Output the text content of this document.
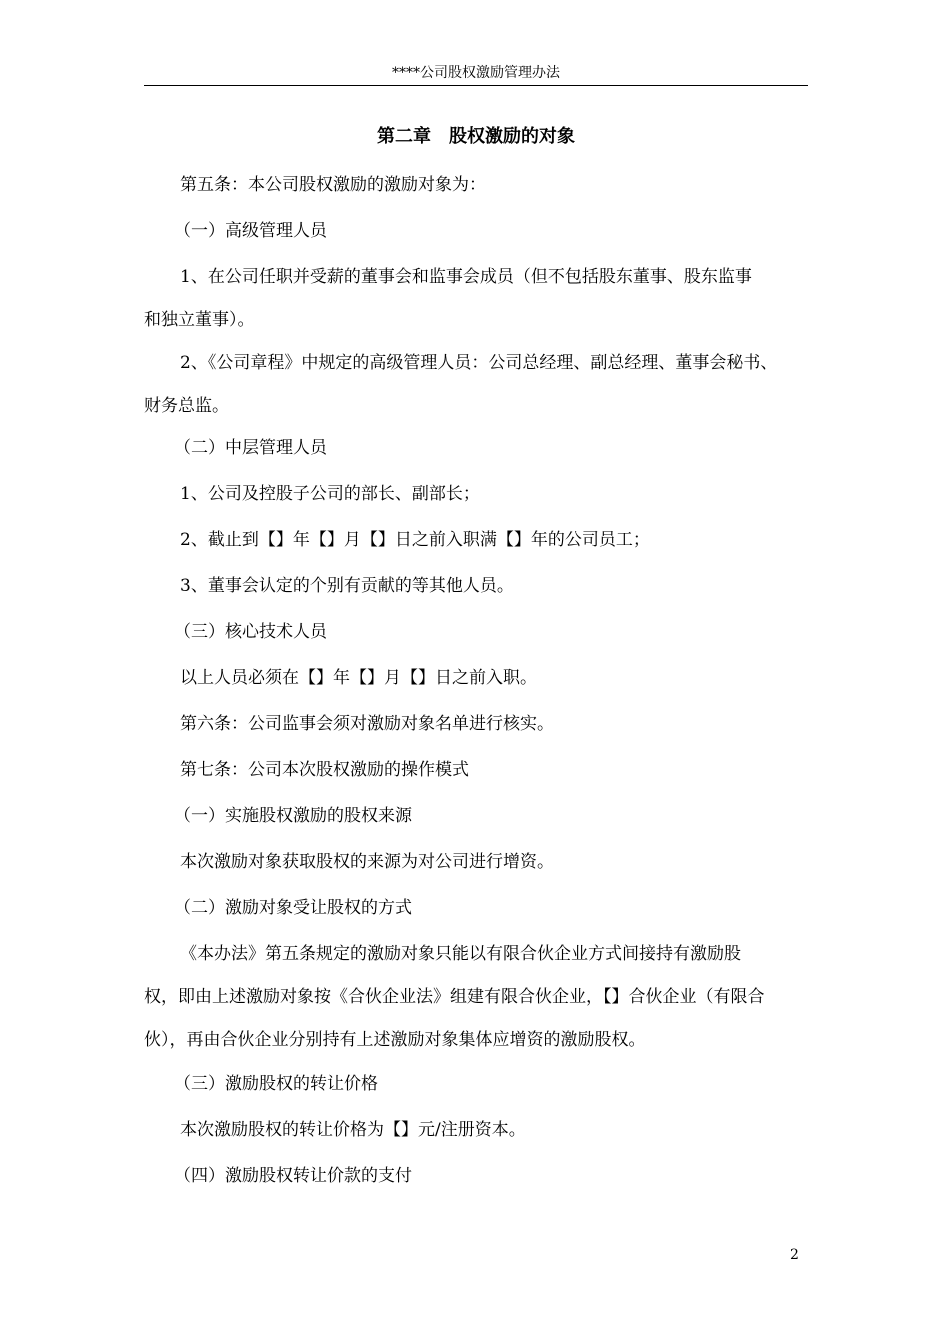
****公司股权激励管理办法
第二章　股权激励的对象
第五条：本公司股权激励的激励对象为：
（一）高级管理人员
1、在公司任职并受薪的董事会和监事会成员（但不包括股东董事、股东监事
和独立董事）。
2、《公司章程》中规定的高级管理人员：公司总经理、副总经理、董事会秘书、
财务总监。
（二）中层管理人员
1、公司及控股子公司的部长、副部长；
2、截止到【】年【】月【】日之前入职满【】年的公司员工；
3、董事会认定的个别有贡献的等其他人员。
（三）核心技术人员
以上人员必须在【】年【】月【】日之前入职。
第六条：公司监事会须对激励对象名单进行核实。
第七条：公司本次股权激励的操作模式
（一）实施股权激励的股权来源
本次激励对象获取股权的来源为对公司进行增资。
（二）激励对象受让股权的方式
《本办法》第五条规定的激励对象只能以有限合伙企业方式间接持有激励股
权，即由上述激励对象按《合伙企业法》组建有限合伙企业，【】合伙企业（有限合
伙），再由合伙企业分别持有上述激励对象集体应增资的激励股权。
（三）激励股权的转让价格
本次激励股权的转让价格为【】元/注册资本。
（四）激励股权转让价款的支付
2
